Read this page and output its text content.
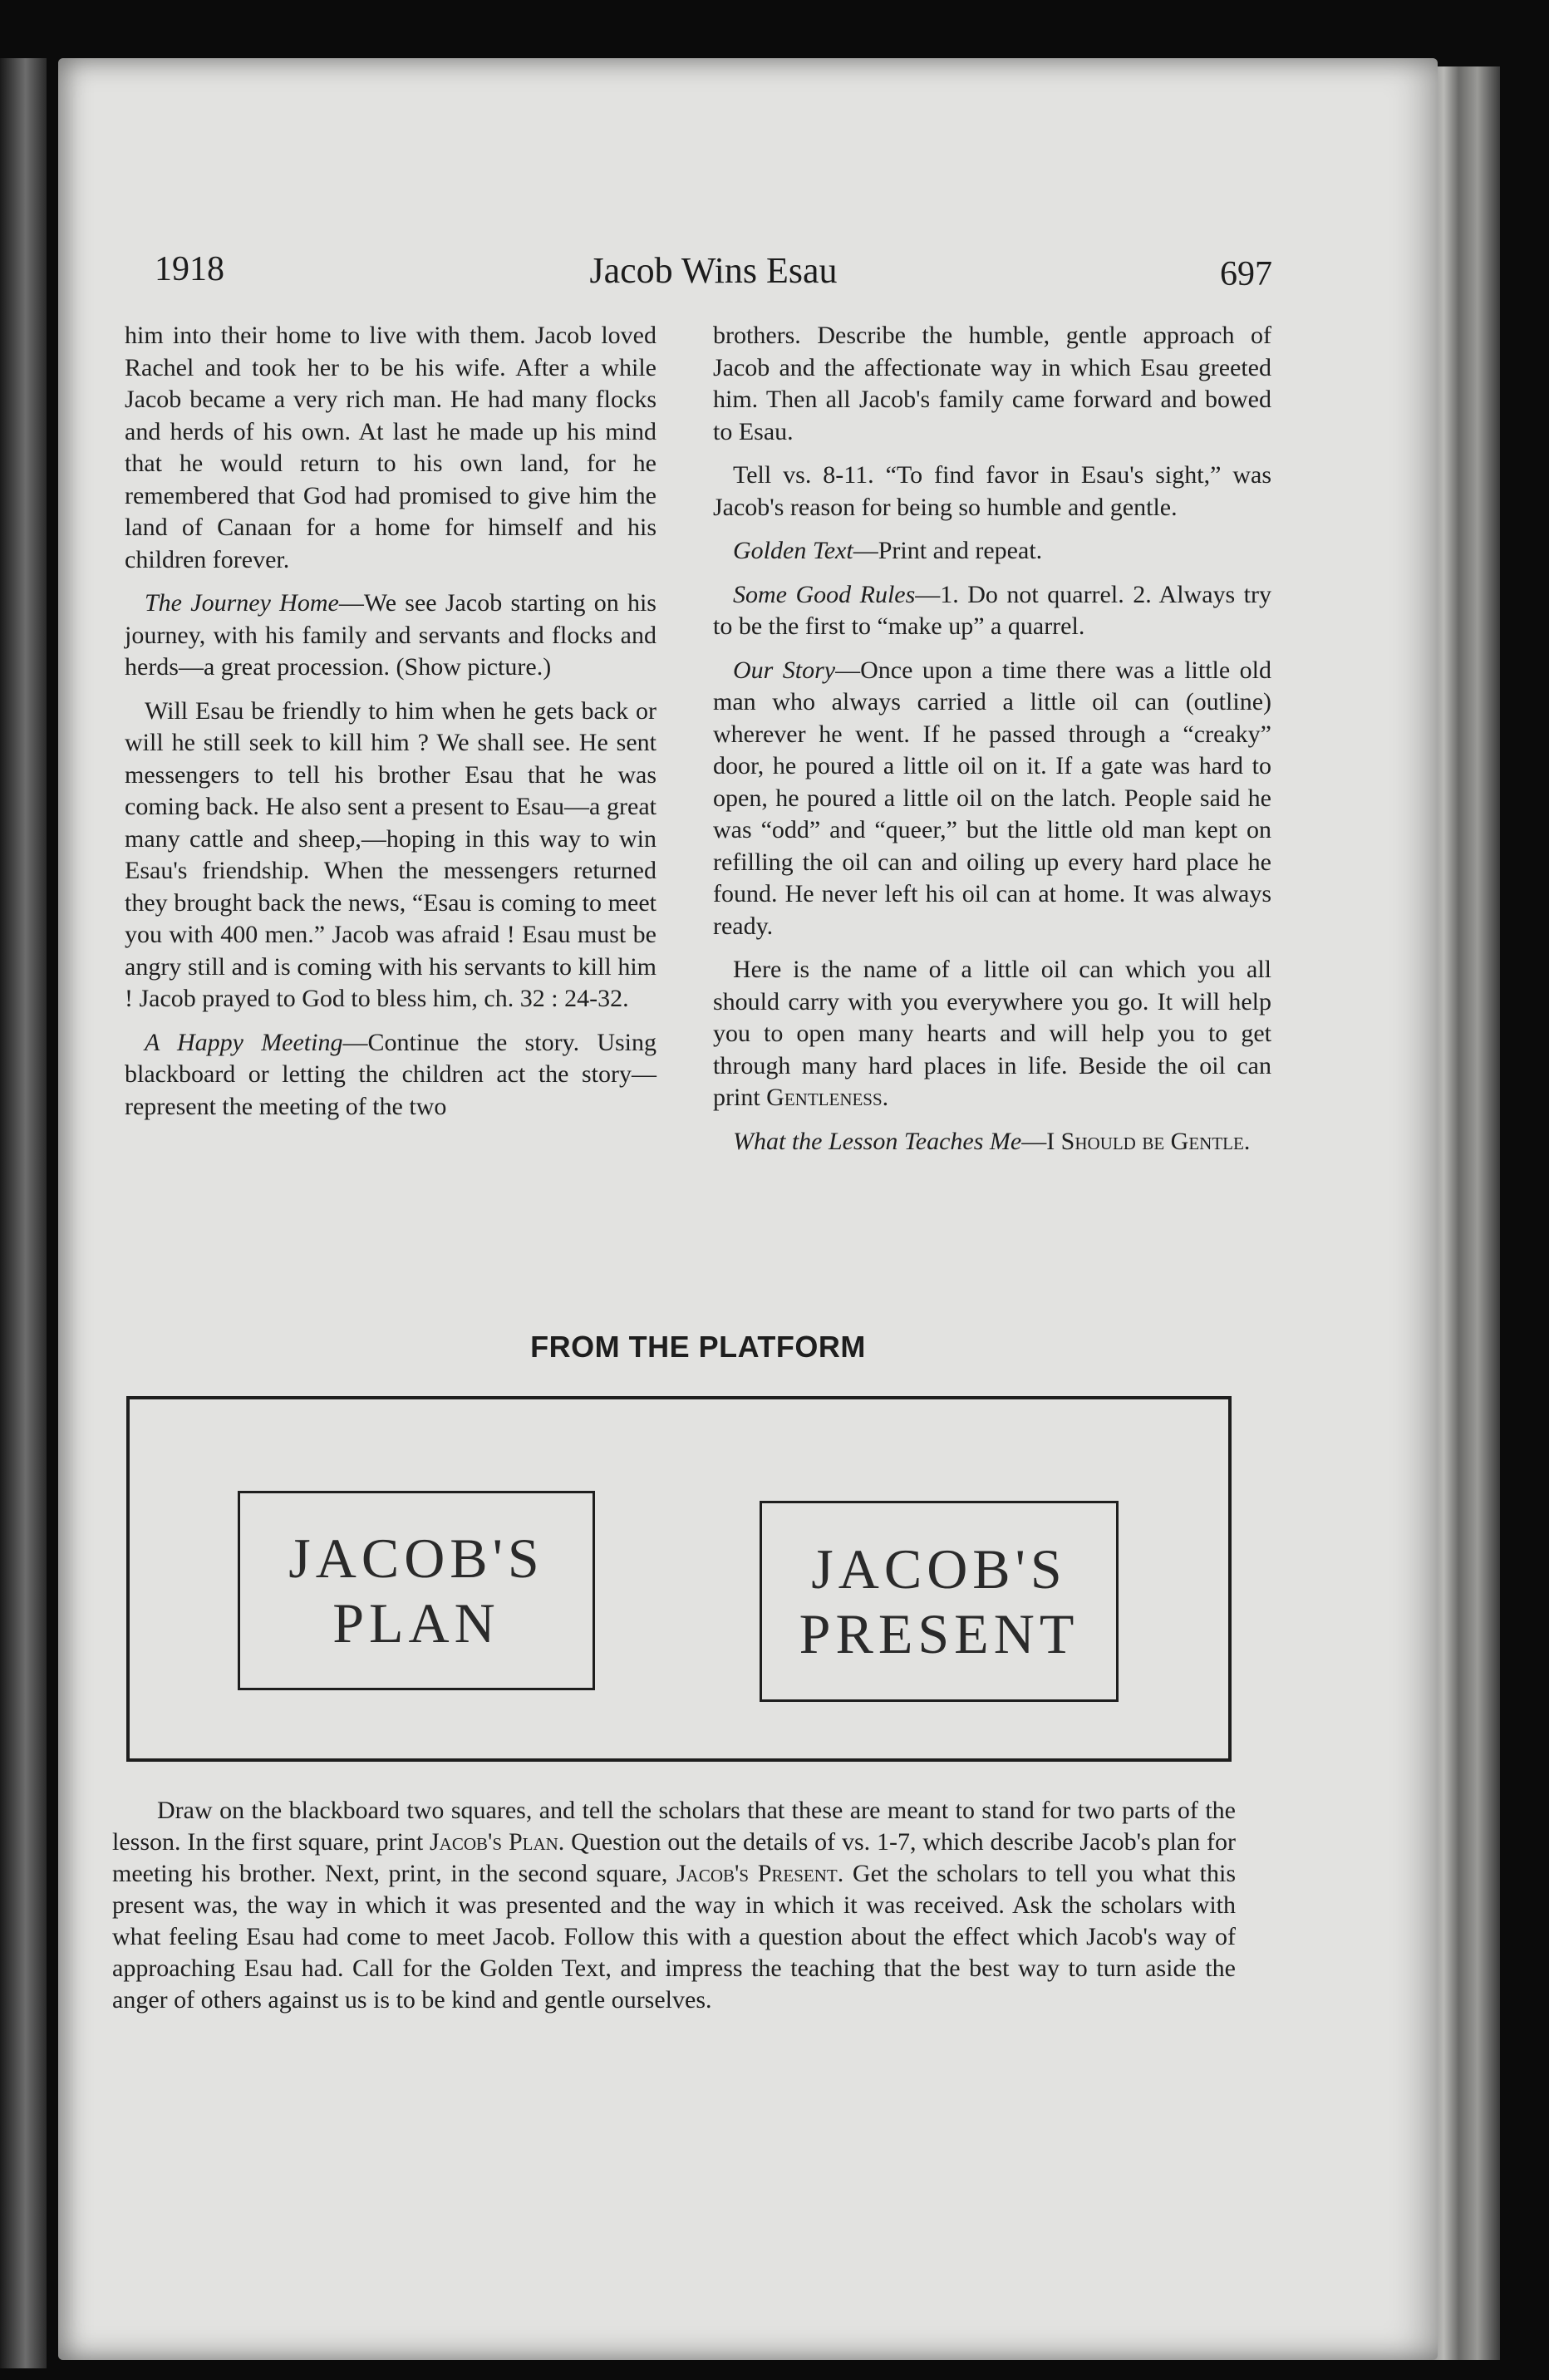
1918	Jacob Wins Esau	697

him into their home to live with them. Jacob loved Rachel and took her to be his wife. After a while Jacob became a very rich man. He had many flocks and herds of his own. At last he made up his mind that he would return to his own land, for he remembered that God had promised to give him the land of Canaan for a home for himself and his children forever.

The Journey Home—We see Jacob starting on his journey, with his family and servants and flocks and herds—a great procession. (Show picture.)

Will Esau be friendly to him when he gets back or will he still seek to kill him ? We shall see. He sent messengers to tell his brother Esau that he was coming back. He also sent a present to Esau—a great many cattle and sheep,—hoping in this way to win Esau's friendship. When the messengers returned they brought back the news, “Esau is coming to meet you with 400 men.” Jacob was afraid ! Esau must be angry still and is coming with his servants to kill him ! Jacob prayed to God to bless him, ch. 32 : 24-32.

A Happy Meeting—Continue the story. Using blackboard or letting the children act the story—represent the meeting of the two

brothers. Describe the humble, gentle approach of Jacob and the affectionate way in which Esau greeted him. Then all Jacob's family came forward and bowed to Esau.

Tell vs. 8-11. “To find favor in Esau's sight,” was Jacob's reason for being so humble and gentle.

Golden Text—Print and repeat.

Some Good Rules—1. Do not quarrel. 2. Always try to be the first to “make up” a quarrel.

Our Story—Once upon a time there was a little old man who always carried a little oil can (outline) wherever he went. If he passed through a “creaky” door, he poured a little oil on it. If a gate was hard to open, he poured a little oil on the latch. People said he was “odd” and “queer,” but the little old man kept on refilling the oil can and oiling up every hard place he found. He never left his oil can at home. It was always ready.

Here is the name of a little oil can which you all should carry with you everywhere you go. It will help you to open many hearts and will help you to get through many hard places in life. Beside the oil can print Gentleness.

What the Lesson Teaches Me—I Should be Gentle.

FROM THE PLATFORM
JACOB'S
PLAN
JACOB'S
PRESENT

Draw on the blackboard two squares, and tell the scholars that these are meant to stand for two parts of the lesson. In the first square, print Jacob's Plan. Question out the details of vs. 1-7, which describe Jacob's plan for meeting his brother. Next, print, in the second square, Jacob's Present. Get the scholars to tell you what this present was, the way in which it was presented and the way in which it was received. Ask the scholars with what feeling Esau had come to meet Jacob. Follow this with a question about the effect which Jacob's way of approaching Esau had. Call for the Golden Text, and impress the teaching that the best way to turn aside the anger of others against us is to be kind and gentle ourselves.
